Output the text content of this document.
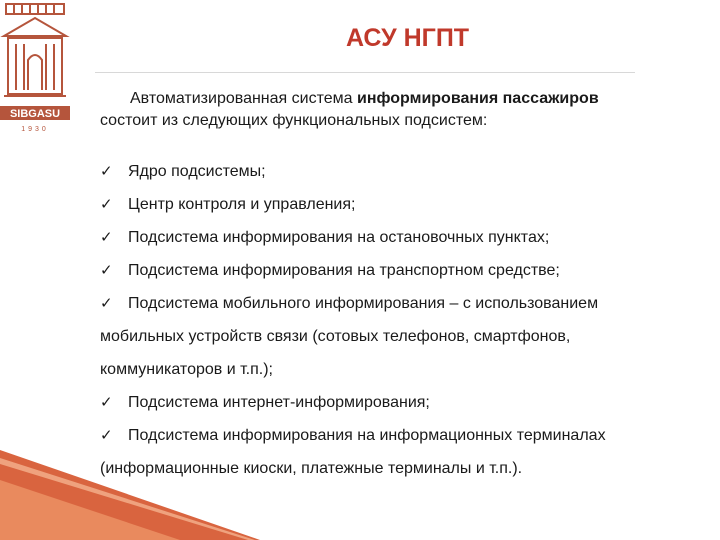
SIBGASU
1930
АСУ НГПТ
Автоматизированная система информирования пассажиров
состоит из следующих функциональных подсистем:
✓ Ядро подсистемы;
✓ Центр контроля и управления;
✓ Подсистема информирования на остановочных пунктах;
✓ Подсистема информирования на транспортном средстве;
✓ Подсистема мобильного информирования – с использованием
мобильных устройств связи (сотовых телефонов, смартфонов,
коммуникаторов и т.п.);
✓ Подсистема интернет-информирования;
✓ Подсистема информирования на информационных терминалах
(информационные киоски, платежные терминалы и т.п.).
